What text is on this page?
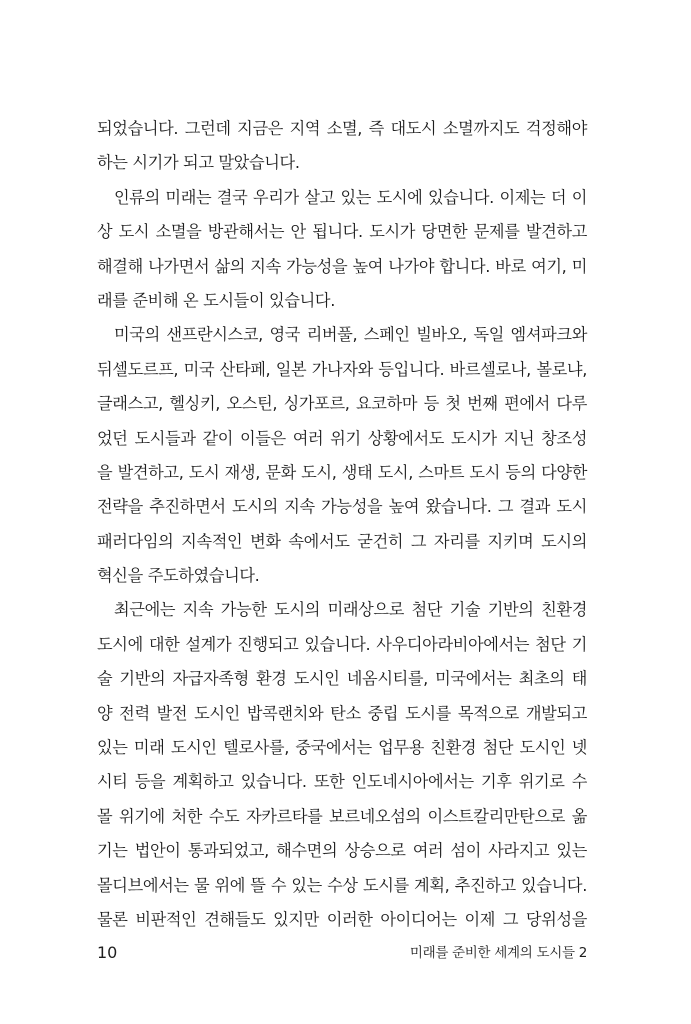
되었습니다. 그런데 지금은 지역 소멸, 즉 대도시 소멸까지도 걱정해야
하는 시기가 되고 말았습니다.
인류의 미래는 결국 우리가 살고 있는 도시에 있습니다. 이제는 더 이
상 도시 소멸을 방관해서는 안 됩니다. 도시가 당면한 문제를 발견하고
해결해 나가면서 삶의 지속 가능성을 높여 나가야 합니다. 바로 여기, 미
래를 준비해 온 도시들이 있습니다.
미국의 샌프란시스코, 영국 리버풀, 스페인 빌바오, 독일 엠셔파크와
뒤셀도르프, 미국 산타페, 일본 가나자와 등입니다. 바르셀로나, 볼로냐,
글래스고, 헬싱키, 오스틴, 싱가포르, 요코하마 등 첫 번째 편에서 다루
었던 도시들과 같이 이들은 여러 위기 상황에서도 도시가 지닌 창조성
을 발견하고, 도시 재생, 문화 도시, 생태 도시, 스마트 도시 등의 다양한
전략을 추진하면서 도시의 지속 가능성을 높여 왔습니다. 그 결과 도시
패러다임의 지속적인 변화 속에서도 굳건히 그 자리를 지키며 도시의
혁신을 주도하였습니다.
최근에는 지속 가능한 도시의 미래상으로 첨단 기술 기반의 친환경
도시에 대한 설계가 진행되고 있습니다. 사우디아라비아에서는 첨단 기
술 기반의 자급자족형 환경 도시인 네옴시티를, 미국에서는 최초의 태
양 전력 발전 도시인 밥콕랜치와 탄소 중립 도시를 목적으로 개발되고
있는 미래 도시인 텔로사를, 중국에서는 업무용 친환경 첨단 도시인 넷
시티 등을 계획하고 있습니다. 또한 인도네시아에서는 기후 위기로 수
몰 위기에 처한 수도 자카르타를 보르네오섬의 이스트칼리만탄으로 옮
기는 법안이 통과되었고, 해수면의 상승으로 여러 섬이 사라지고 있는
몰디브에서는 물 위에 뜰 수 있는 수상 도시를 계획, 추진하고 있습니다.
물론 비판적인 견해들도 있지만 이러한 아이디어는 이제 그 당위성을
10	미래를 준비한 세계의 도시들 2
